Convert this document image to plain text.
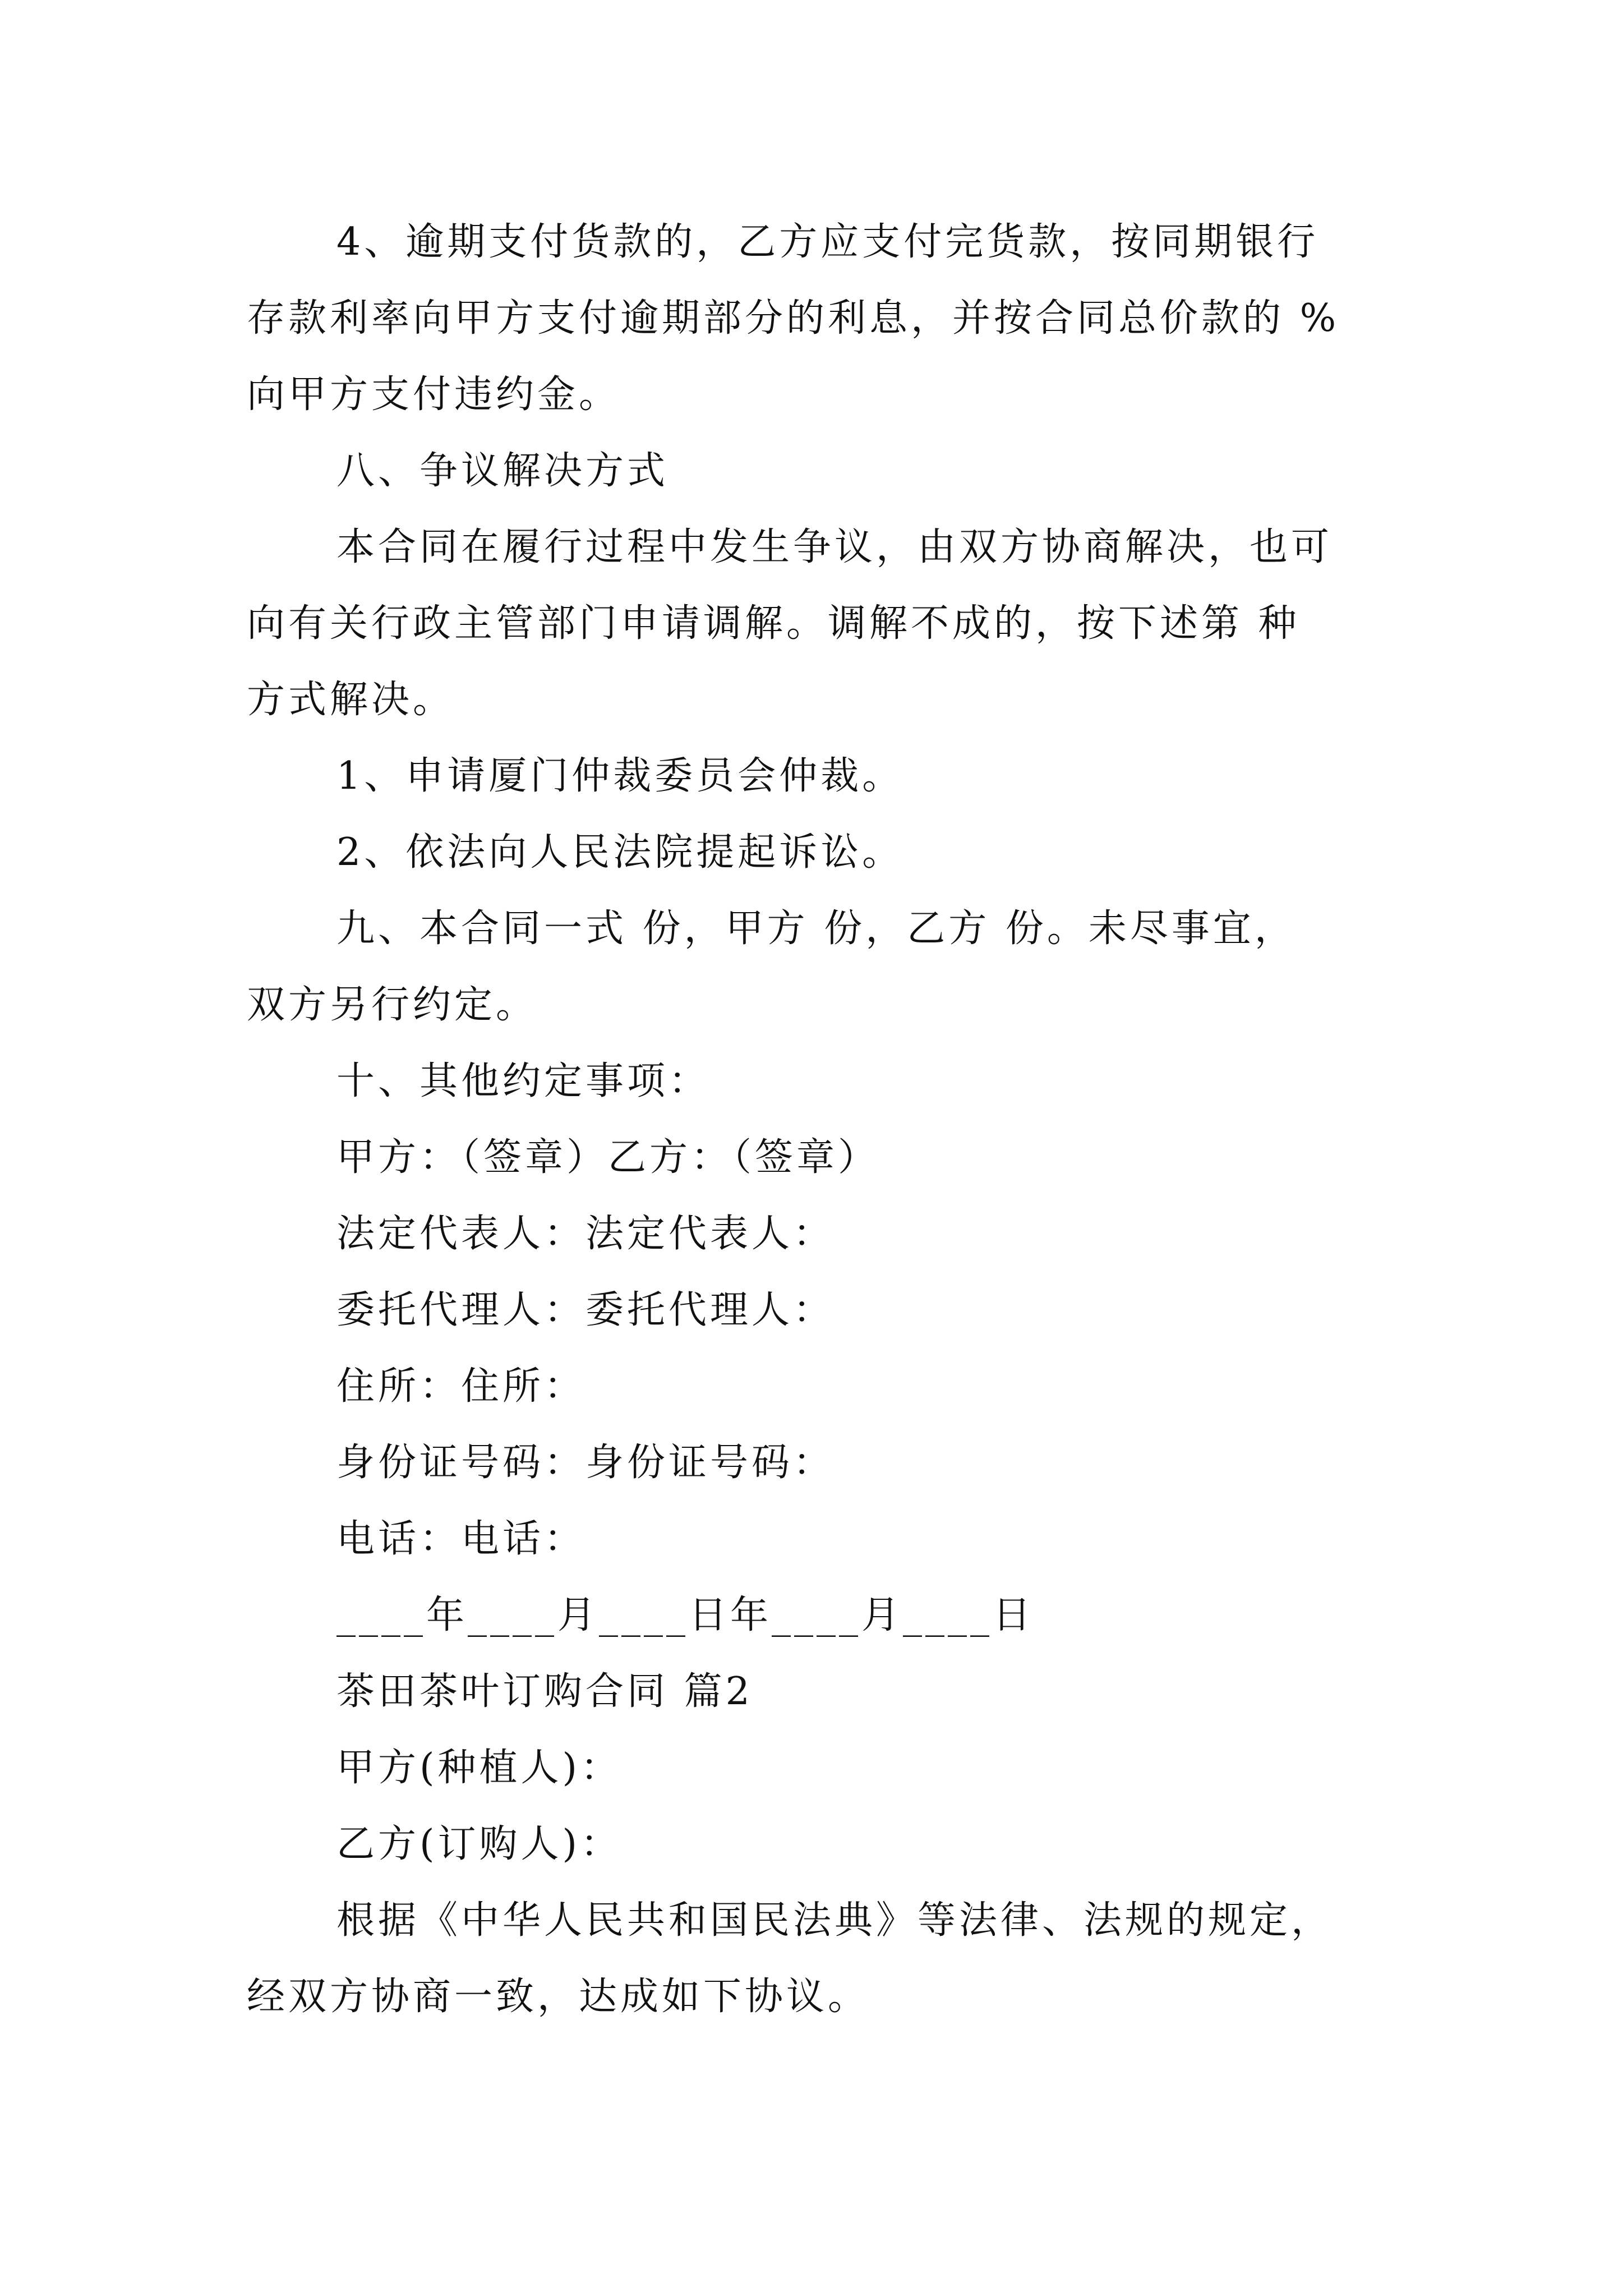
4、逾期支付货款的，乙方应支付完货款，按同期银行
存款利率向甲方支付逾期部分的利息，并按合同总价款的 %
向甲方支付违约金。
八、争议解决方式
本合同在履行过程中发生争议，由双方协商解决，也可
向有关行政主管部门申请调解。调解不成的，按下述第 种
方式解决。
1、申请厦门仲裁委员会仲裁。
2、依法向人民法院提起诉讼。
九、本合同一式 份，甲方 份，乙方 份。未尽事宜，
双方另行约定。
十、其他约定事项：
甲方：（签章）乙方：（签章）
法定代表人：法定代表人：
委托代理人：委托代理人：
住所：住所：
身份证号码：身份证号码：
电话：电话：
____年____月____日年____月____日
茶田茶叶订购合同 篇2
甲方(种植人)：
乙方(订购人)：
根据《中华人民共和国民法典》等法律、法规的规定，
经双方协商一致，达成如下协议。
